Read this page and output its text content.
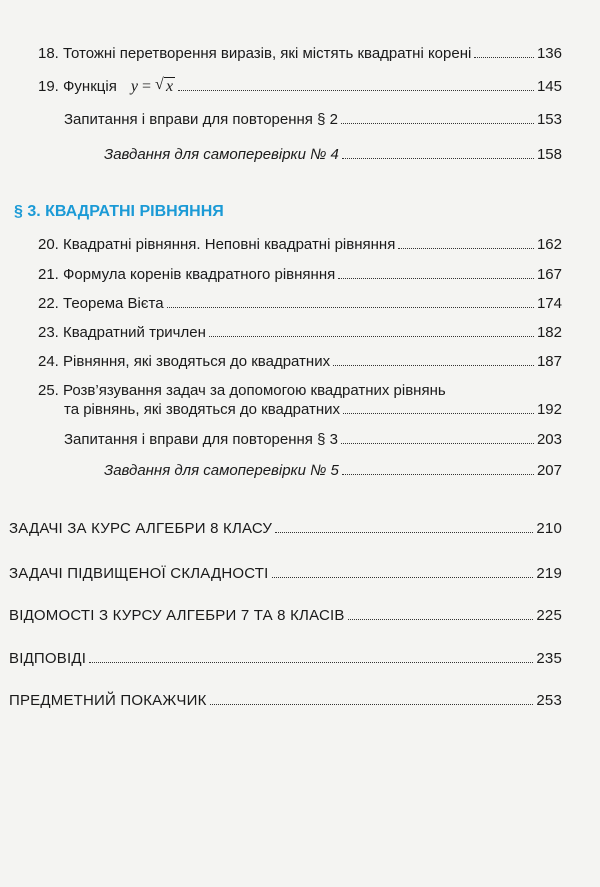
18. Тотожні перетворення виразів, які містять квадратні корені	136
19. Функція y = √ x	145
Запитання і вправи для повторення § 2	153
Завдання для самоперевірки № 4	158
§ 3. КВАДРАТНІ РІВНЯННЯ
20. Квадратні рівняння. Неповні квадратні рівняння	162
21. Формула коренів квадратного рівняння	167
22. Теорема Вієта	174
23. Квадратний тричлен	182
24. Рівняння, які зводяться до квадратних	187
25. Розв’язування задач за допомогою квадратних рівнянь
та рівнянь, які зводяться до квадратних	192
Запитання і вправи для повторення § 3	203
Завдання для самоперевірки № 5	207
ЗАДАЧІ ЗА КУРС АЛГЕБРИ 8 КЛАСУ	210
ЗАДАЧІ ПІДВИЩЕНОЇ СКЛАДНОСТІ	219
ВІДОМОСТІ З КУРСУ АЛГЕБРИ 7 ТА 8 КЛАСІВ	225
ВІДПОВІДІ	235
ПРЕДМЕТНИЙ ПОКАЖЧИК	253
